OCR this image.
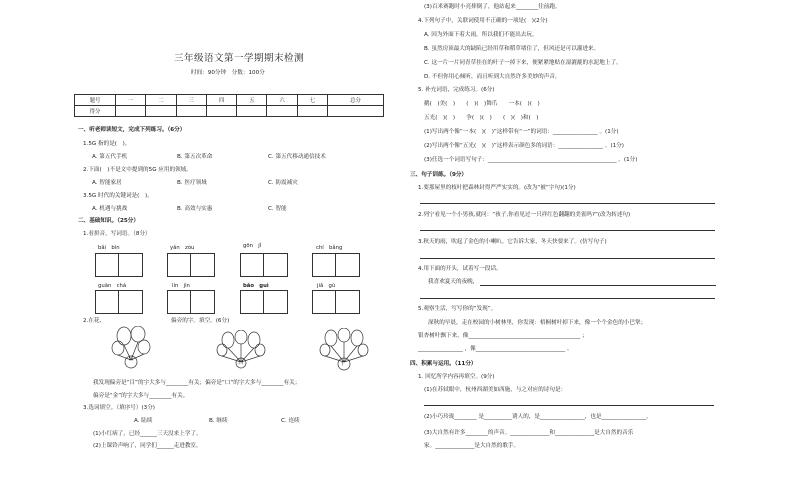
三年级语文第一学期期末检测
时间：90分钟　分数：100分
题号	一	二	三	四	五	六	七	总分
得分								
一、听老师读短文，完成下列练习。（6分）
1.5G 指的是(　)。
A. 第五代手机	B. 第五次革命	C. 第五代移动通信技术
2.下面(　)不是文中提到的5G 应用的领域。
A. 智能家居	B. 医疗领域	C. 防震减灾
3.5G 时代的关键词是(　)。
A. 机遇与挑战	B. 高效与实惠	C. 智能
二、基础知识。（25分）
1.看拼音，写词语。（8分）
bǎi　bìn	yǎn　zòu	gōn　jǐ	chí　bǎng
guān　chá	lín　jìn	bǎo　guì	jiǎ　gù
2.在花、	偏旁的字。填空。(6分)
日
口	亻
我发现偏旁是“目”的字大多与________有关；偏旁是“口”的字大多与________有关；
偏旁是“金”的字大多与________有关。
3.选词填空。（填序号）(3分)
A. 陆续	B. 继续	C. 连续
(1)小红病了，已经______三天没来上学了。
(2)上课铃声响了，同学们______走进教室。
(3)百米赛跑时小亮摔倒了，他站起来________往前跑。
4.下列句子中，关联词使用不正确的一项是(　)(2分)
A. 因为外面下着大雨，所以我们不能出去玩。
B. 虽然房顶最大的缺陷已经用草和稻草堵住了，但风还是可以灌进来。
C. 这一片一片同青草挂在的叶子一掉下来，便紧紧地贴在湿漉漉的水泥地上了。
D. 不但你用心倾听，而且听到大自然许多美妙的声音。
5. 补充词语，完成练习。(6分)
鹅(　)美(　)　　(　)(　)舞爪　　一本(　)(　)
五光(　)(　)　　争(　)(　)　　(　)(　)和(　)
(1)写出两个像“一本(　)(　)”这样带有“一”的词语：________________ 。(1分)
(2)写出两个像“五光(　)(　)”这样表示颜色多的词语：________________ 。(1分)
(3)任选一个词语写句子：______________________________________________ 。(1分)
三、句子训练。（9分）
1.要那屋里的枝叶把森林封得严严实实的。(改为“被”字句)(1分)
2.列宁看见一个小男孩,就问：“孩子,你看见过一只祥红色翻翻的美雀吗?”(改为转述句)
3.秋天的雨，吹起了金色的小喇叭。它告诉大家，冬天快要来了。(仿写句子)
4.用下面的开头，试着写一段话。
我喜欢夏天的夜晚，
5.观察生活，写写你的“发现”。
深秋的早晨，走在校园的小树林里，你发现：梧桐树叶掉下来，像一个个金色的小巴掌；
银杏树叶飘下来，像________________________________________ ；
________________ ，像________________________________ 。
四、积累与运用。（11分）
1. 回忆所学内容再填空。(9分)
(1)在苏轼眼中，杭州西湖美如西施，与之对应的诗句是：
(2)小巧玲珑________ 是__________诱人的，是________________，也是________________。
(3)大自然有许多________的声音。______________和______________是大自然的音乐
家。______________是大自然的歌手。
